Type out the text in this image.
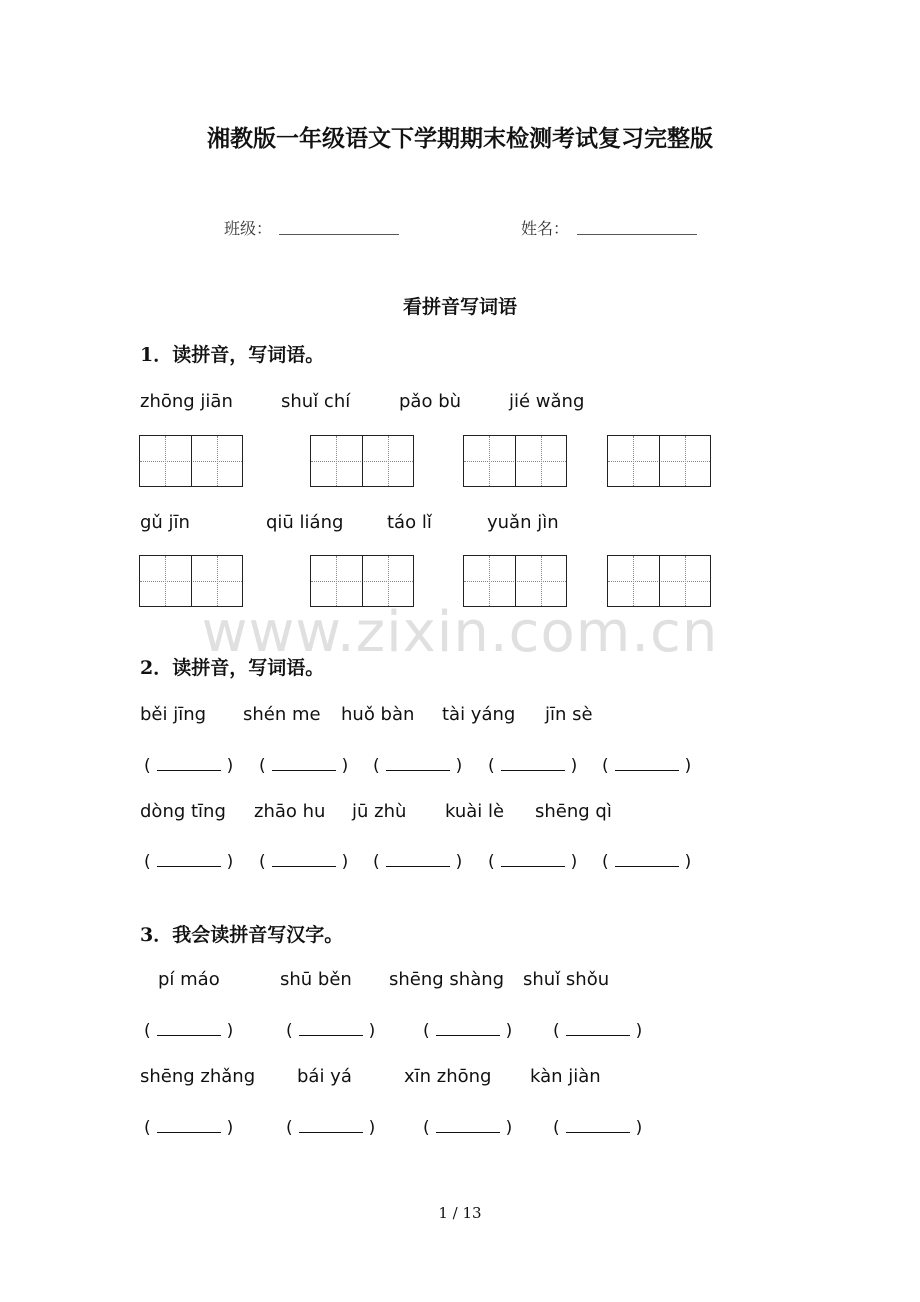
湘教版一年级语文下学期期末检测考试复习完整版
班级：	姓名：
看拼音写词语
1．读拼音，写词语。
zhōng jiān	shuǐ chí	pǎo bù	jié wǎng
gǔ jīn	qiū liáng táo lǐ	yuǎn jìn
www.zixin.com.cn
2．读拼音，写词语。
běi jīng shén me huǒ bàn tài yáng jīn sè
(	) (	) (	) (	) (	)
dòng tīng zhāo hu jū zhù kuài lè shēng qì
(	) (	) (	) (	) (	)
3．我会读拼音写汉字。
pí máo	shū běn shēng shàng shuǐ shǒu
(	)	(	)	(	) (	)
shēng zhǎng bái yá	xīn zhōng kàn jiàn
(	)	(	)	(	) (	)
1 / 13
